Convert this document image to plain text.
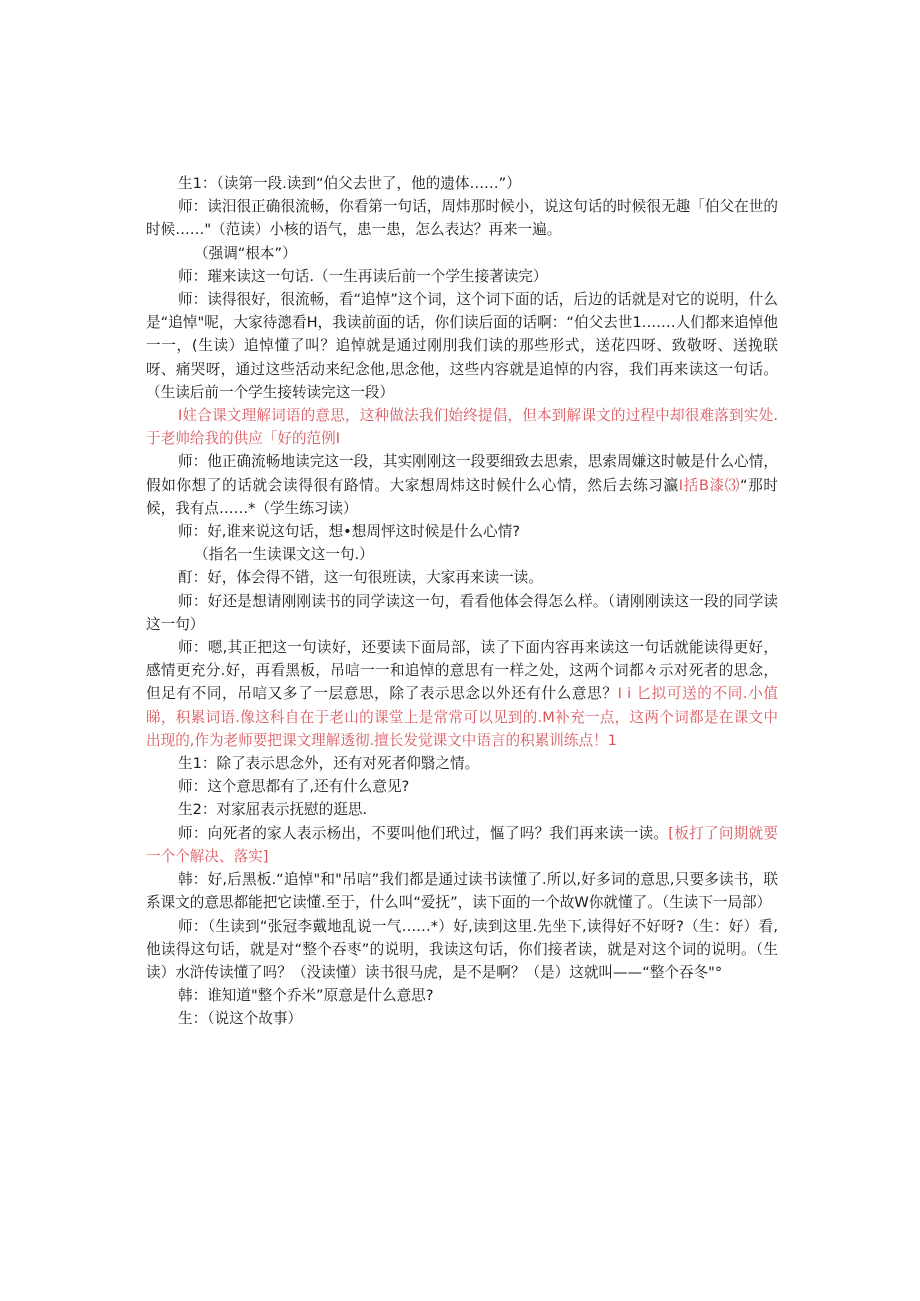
生1：（读第一段.读到“伯父去世了，他的遗体……”）

师：读汨很正确很流畅，你看第一句话，周炜那时候小，说这句话的时候很无趣「伯父在世的时候……"（范读）小核的语气，患一患，怎么表达？再来一遍。

（强调“根本”）

师：璀来读这一句话.（一生再读后前一个学生接著读完）

师：读得很好，很流畅，看“追悼”这个词，这个词下面的话，后边的话就是对它的说明，什么是“追悼"呢，大家待漗看H，我读前面的话，你们读后面的话啊：“伯父去世1.……人们都来追悼他一一，(生读）追悼懂了叫？追悼就是通过刚刖我们读的那些形式，送花四呀、致敬呀、送挽联呀、痛哭呀，通过这些活动来纪念他,思念他，这些内容就是追悼的内容，我们再来读这一句话。（生读后前一个学生接转读完这一段）

I妵合课文理解词语的意思，这种做法我们始终提倡，但本到解课文的过程中却很难落到实处.于老帅给我的供应「好的范例I

师：他正确流畅地读完这一段，其实刚刚这一段要细致去思索，思索周嫌这时帔是什么心情，假如你想了的话就会读得很有路情。大家想周炜这时候什么心情，然后去练习瀛I括B漆⑶“那时候，我有点……*（学生练习读）

师：好,谁来说这句话，想•想周怦这时候是什么心情?

（指名一生读课文这一句.）

酊：好，体会得不错，这一句很班读，大家再来读一读。

师：好还是想请刚刚读书的同学读这一句，看看他体会得怎么样。（请刚刚读这一段的同学读这一句）

师：嗯,其正把这一句读好，还要读下面局部，读了下面内容再来读这一句话就能读得更好，感情更充分.好，再看黑板，吊唁一一和追悼的意思有一样之处，这两个词都々示对死者的思念，但足有不同，吊唁又多了一层意思，除了表示思念以外还有什么意思？I i 匕拟可送的不同.小值睇，积累词语.像这科自在于老山的课堂上是常常可以见到的.M补充一点，这两个词都是在课文中出现的,作为老师要把课文理解透彻.擅长发觉课文中语言的积累训练点！1

生1：除了表示思念外，还有对死者仰翳之情。

师：这个意思都有了,还有什么意见?

生2：对家屈表示抚慰的逛思.

师：向死者的家人表示杨出，不要叫他们玳过，慪了吗？我们再来读一读。[板打了问期就要一个个解决、落实]

韩：好,后黑板.“追悼"和"吊唁”我们都是通过读书读懂了.所以,好多词的意思,只要多读书，联系课文的意思都能把它读懂.至于，什么叫“爱抚”，读下面的一个故W你就懂了。（生读下一局部）

师：（生读到“张冠李戴地乱说一气……*）好,读到这里.先坐下,读得好不好呀?（生：好）看,他读得这句话，就是对“整个吞枣”的说明，我读这句话，你们接者读，就是对这个词的说明。（生读）水浒传读懂了吗？（没读懂）读书很马虎，是不是啊？（是）这就叫——“整个吞冬"°

韩：谁知道"整个乔米”原意是什么意思?

生：（说这个故事）
